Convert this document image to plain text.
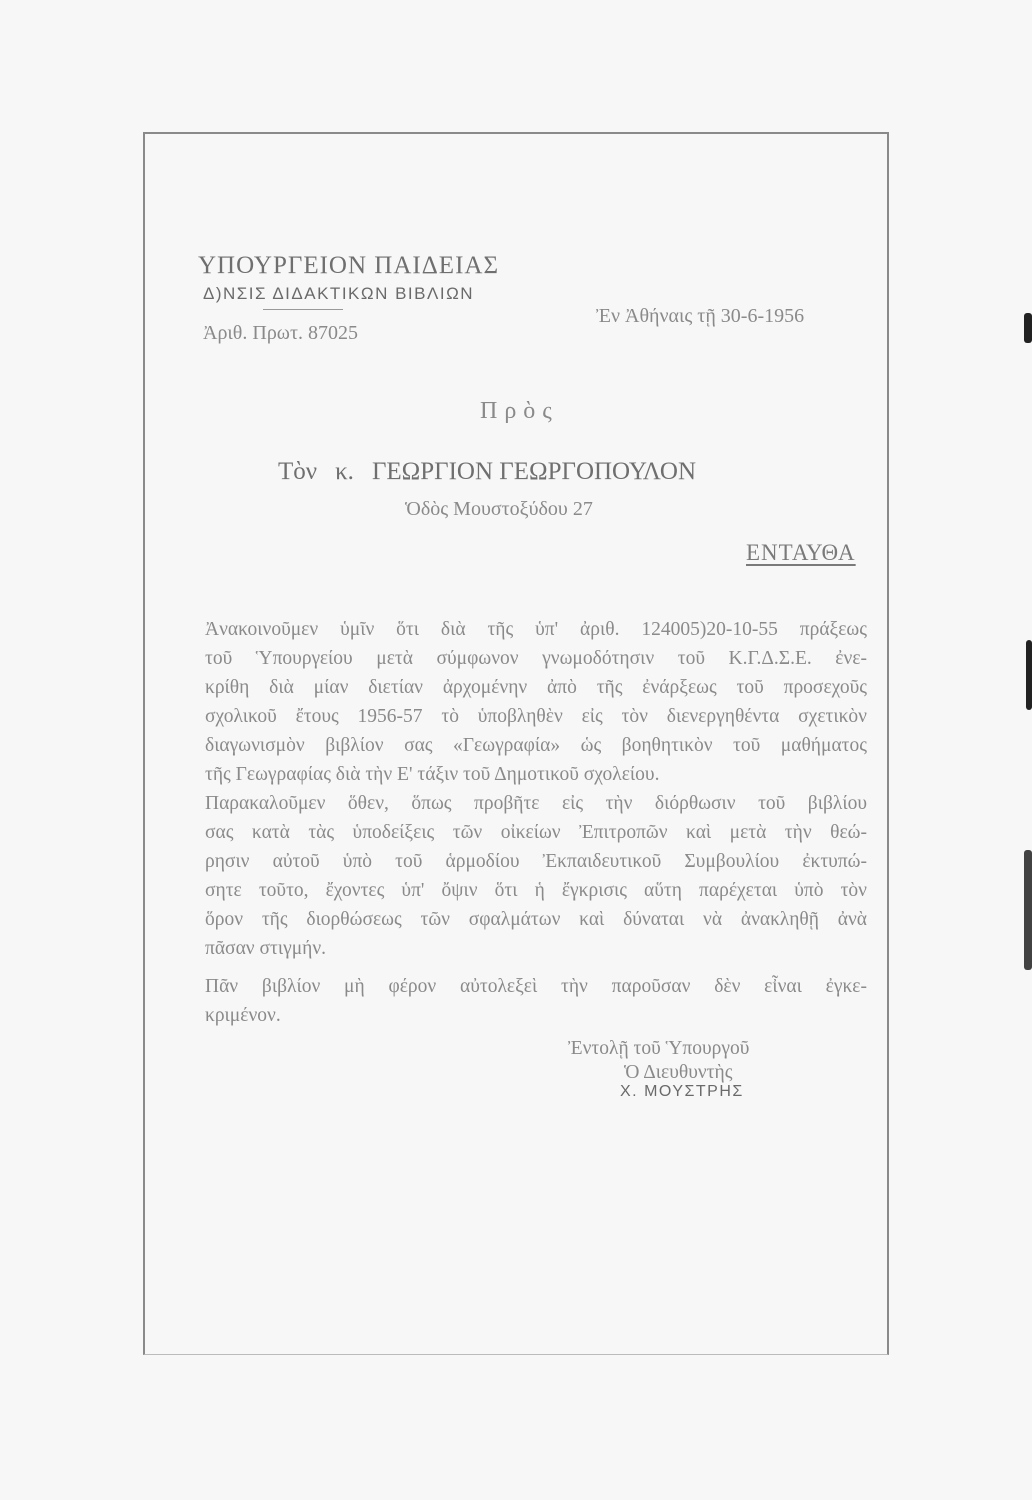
ΥΠΟΥΡΓΕΙΟΝ ΠΑΙΔΕΙΑΣ
Δ)ΝΣΙΣ ΔΙΔΑΚΤΙΚΩΝ ΒΙΒΛΙΩΝ
Ἀριθ. Πρωτ. 87025
Ἐν Ἀθήναις τῇ 30-6-1956
Πρὸς
Τὸν κ. ΓΕΩΡΓΙΟΝ ΓΕΩΡΓΟΠΟΥΛΟΝ
Ὁδὸς Μουστοξύδου 27
ΕΝΤΑΥΘΑ
Ἀνακοινοῦμεν ὑμῖν ὅτι διὰ τῆς ὑπ' ἀριθ. 124005)20-10-55 πράξεως
τοῦ Ὑπουργείου μετὰ σύμφωνον γνωμοδότησιν τοῦ Κ.Γ.Δ.Σ.Ε. ἐνε-
κρίθη διὰ μίαν διετίαν ἀρχομένην ἀπὸ τῆς ἐνάρξεως τοῦ προσεχοῦς
σχολικοῦ ἔτους 1956-57 τὸ ὑποβληθὲν εἰς τὸν διενεργηθέντα σχετικὸν
διαγωνισμὸν βιβλίον σας «Γεωγραφία» ὡς βοηθητικὸν τοῦ μαθήματος
τῆς Γεωγραφίας διὰ τὴν Ε' τάξιν τοῦ Δημοτικοῦ σχολείου.
Παρακαλοῦμεν ὅθεν, ὅπως προβῆτε εἰς τὴν διόρθωσιν τοῦ βιβλίου
σας κατὰ τὰς ὑποδείξεις τῶν οἰκείων Ἐπιτροπῶν καὶ μετὰ τὴν θεώ-
ρησιν αὐτοῦ ὑπὸ τοῦ ἁρμοδίου Ἐκπαιδευτικοῦ Συμβουλίου ἐκτυπώ-
σητε τοῦτο, ἔχοντες ὑπ' ὄψιν ὅτι ἡ ἔγκρισις αὕτη παρέχεται ὑπὸ τὸν
ὅρον τῆς διορθώσεως τῶν σφαλμάτων καὶ δύναται νὰ ἀνακληθῇ ἀνὰ
πᾶσαν στιγμήν.
Πᾶν βιβλίον μὴ φέρον αὐτολεξεὶ τὴν παροῦσαν δὲν εἶναι ἐγκε-
κριμένον.
Ἐντολῇ τοῦ Ὑπουργοῦ
Ὁ Διευθυντὴς
Χ. ΜΟΥΣΤΡΗΣ
